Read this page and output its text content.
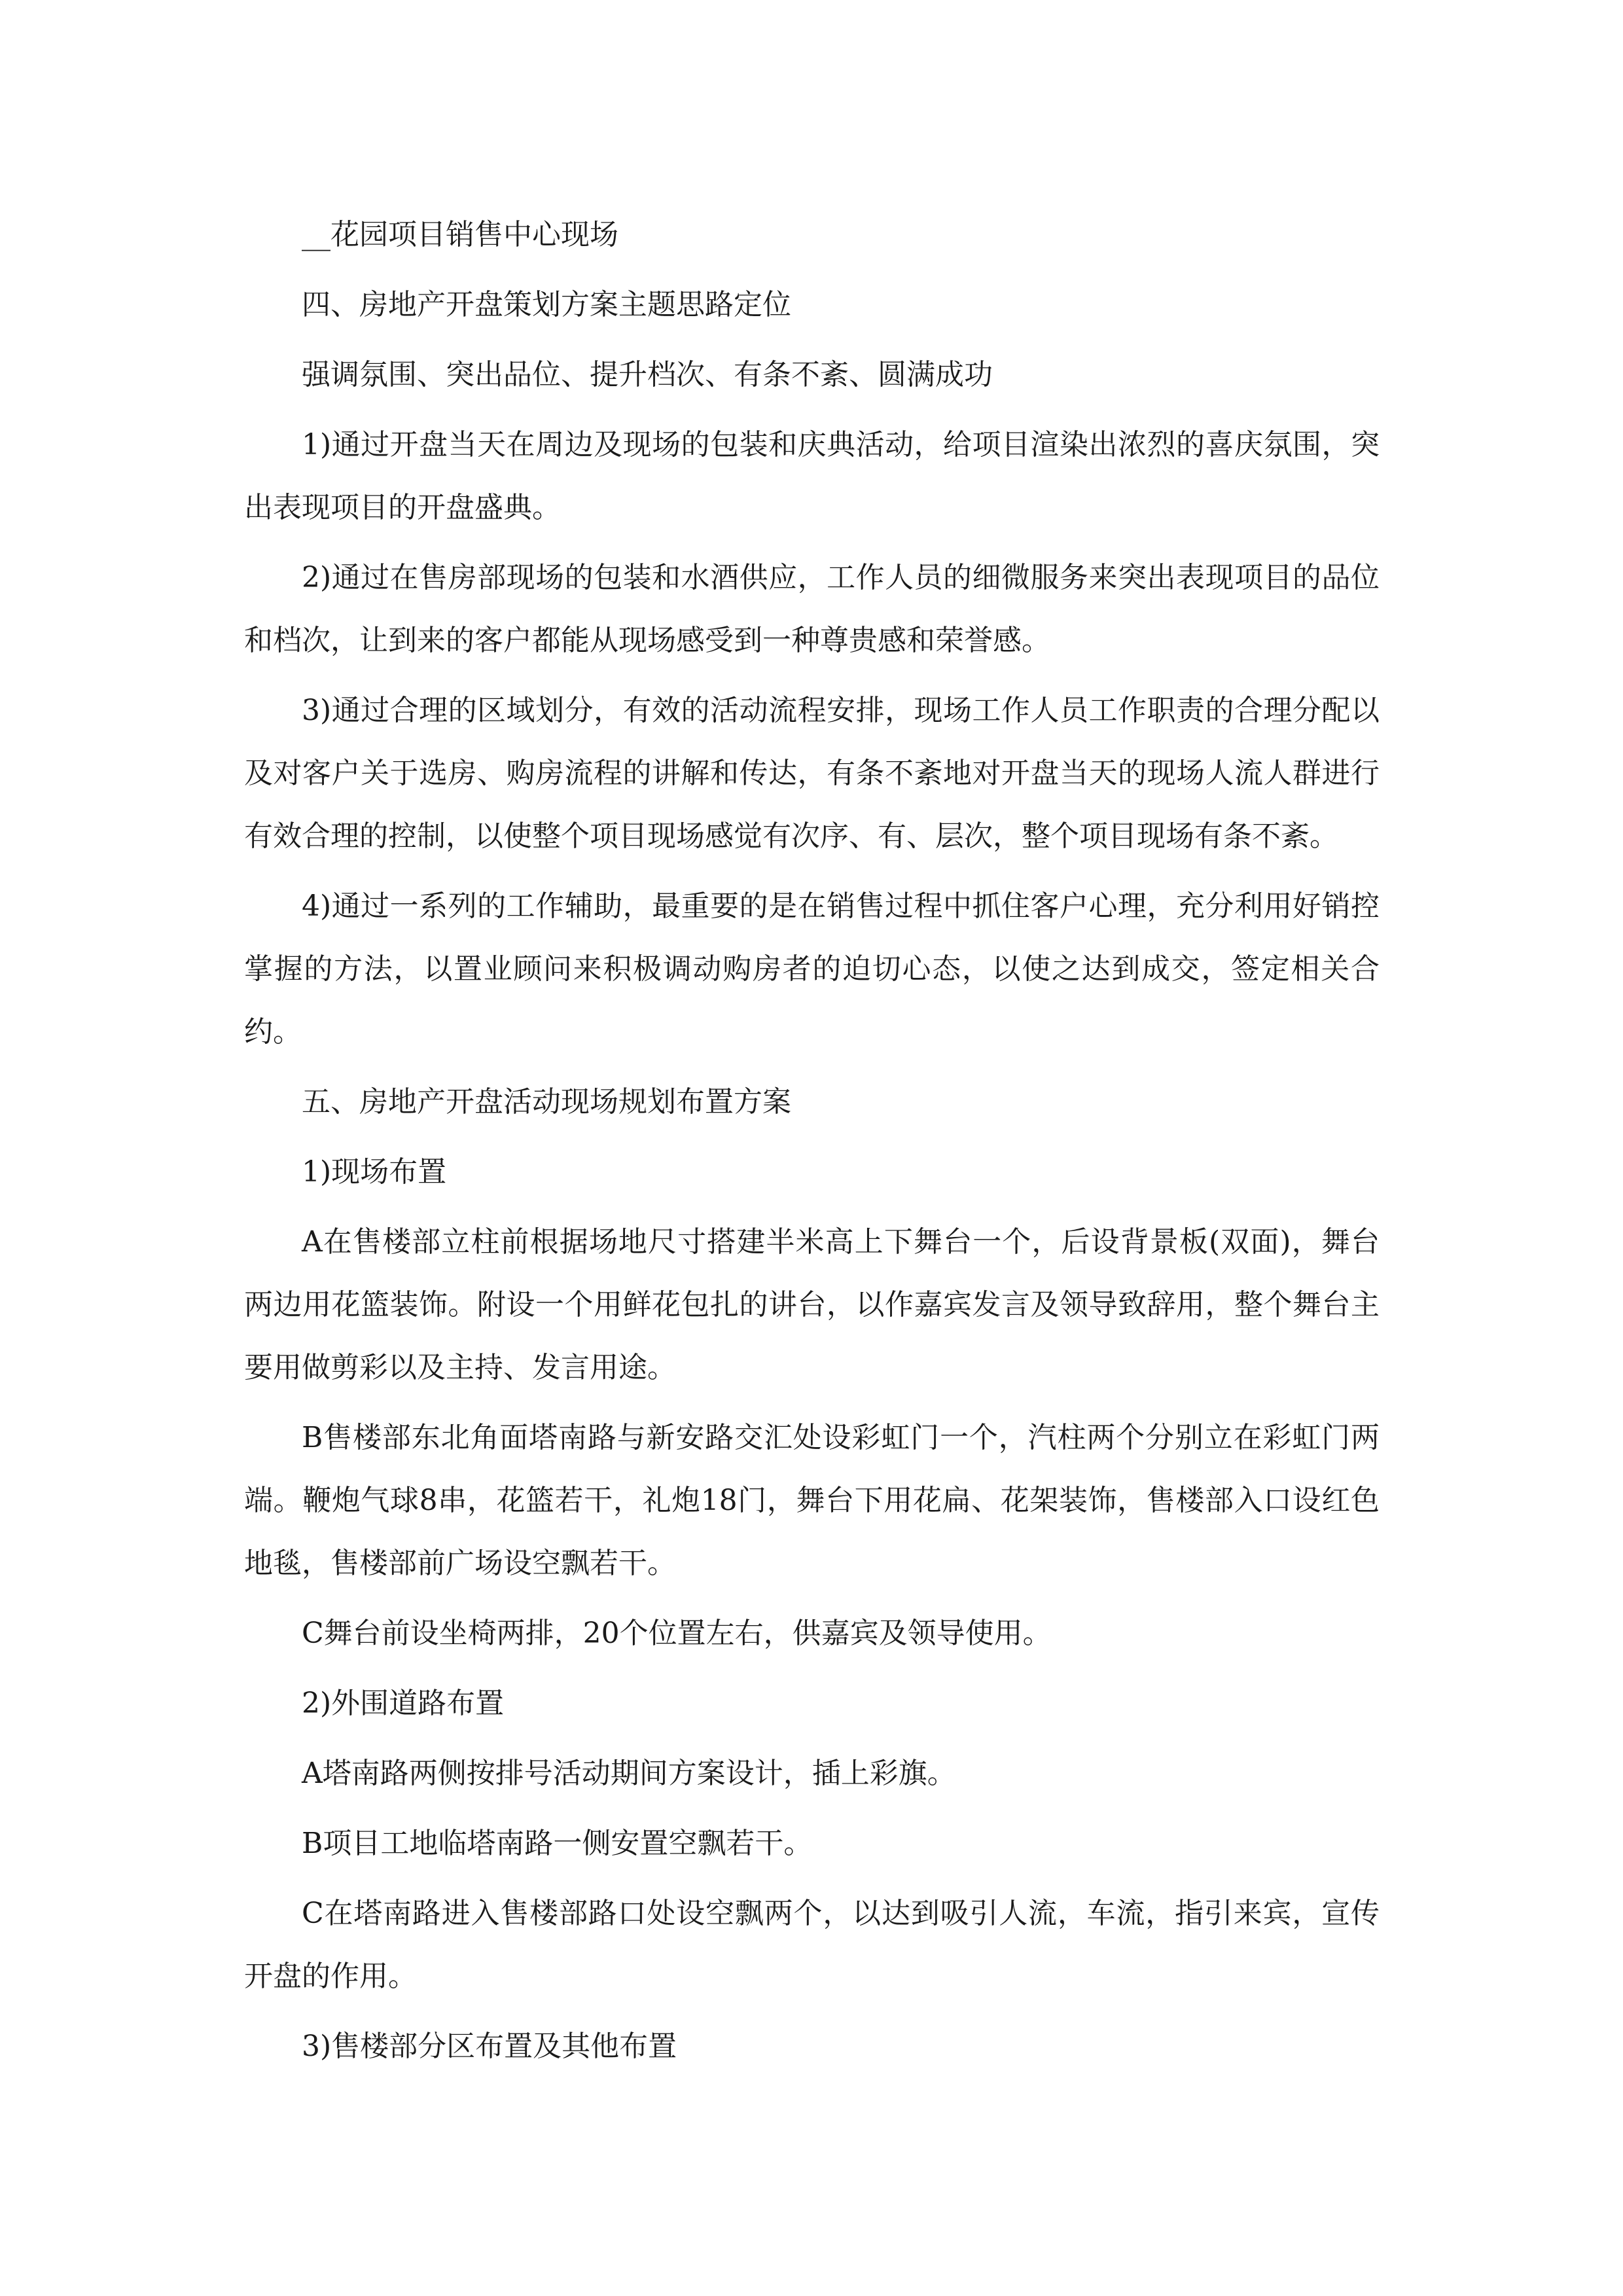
__花园项目销售中心现场

四、房地产开盘策划方案主题思路定位

强调氛围、突出品位、提升档次、有条不紊、圆满成功

1)通过开盘当天在周边及现场的包装和庆典活动，给项目渲染出浓烈的喜庆氛围，突出表现项目的开盘盛典。

2)通过在售房部现场的包装和水酒供应，工作人员的细微服务来突出表现项目的品位和档次，让到来的客户都能从现场感受到一种尊贵感和荣誉感。

3)通过合理的区域划分，有效的活动流程安排，现场工作人员工作职责的合理分配以及对客户关于选房、购房流程的讲解和传达，有条不紊地对开盘当天的现场人流人群进行有效合理的控制，以使整个项目现场感觉有次序、有、层次，整个项目现场有条不紊。

4)通过一系列的工作辅助，最重要的是在销售过程中抓住客户心理，充分利用好销控掌握的方法，以置业顾问来积极调动购房者的迫切心态，以使之达到成交，签定相关合约。

五、房地产开盘活动现场规划布置方案

1)现场布置

A在售楼部立柱前根据场地尺寸搭建半米高上下舞台一个，后设背景板(双面)，舞台两边用花篮装饰。附设一个用鲜花包扎的讲台，以作嘉宾发言及领导致辞用，整个舞台主要用做剪彩以及主持、发言用途。

B售楼部东北角面塔南路与新安路交汇处设彩虹门一个，汽柱两个分别立在彩虹门两端。鞭炮气球8串，花篮若干，礼炮18门，舞台下用花扁、花架装饰，售楼部入口设红色地毯，售楼部前广场设空飘若干。

C舞台前设坐椅两排，20个位置左右，供嘉宾及领导使用。

2)外围道路布置

A塔南路两侧按排号活动期间方案设计，插上彩旗。

B项目工地临塔南路一侧安置空飘若干。

C在塔南路进入售楼部路口处设空飘两个，以达到吸引人流，车流，指引来宾，宣传开盘的作用。

3)售楼部分区布置及其他布置
